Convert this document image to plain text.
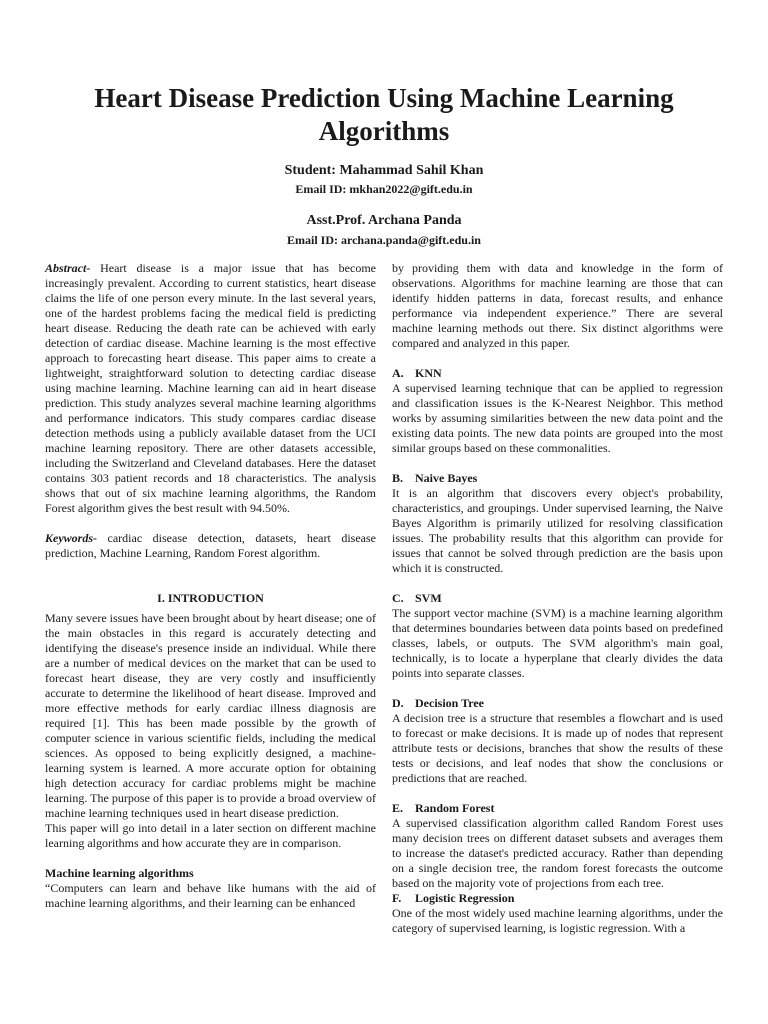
Heart Disease Prediction Using Machine Learning Algorithms

Student: Mahammad Sahil Khan

Email ID: mkhan2022@gift.edu.in

Asst.Prof. Archana Panda

Email ID: archana.panda@gift.edu.in

Abstract- Heart disease is a major issue that has become increasingly prevalent. According to current statistics, heart disease claims the life of one person every minute. In the last several years, one of the hardest problems facing the medical field is predicting heart disease. Reducing the death rate can be achieved with early detection of cardiac disease. Machine learning is the most effective approach to forecasting heart disease. This paper aims to create a lightweight, straightforward solution to detecting cardiac disease using machine learning. Machine learning can aid in heart disease prediction. This study analyzes several machine learning algorithms and performance indicators. This study compares cardiac disease detection methods using a publicly available dataset from the UCI machine learning repository. There are other datasets accessible, including the Switzerland and Cleveland databases. Here the dataset contains 303 patient records and 18 characteristics. The analysis shows that out of six machine learning algorithms, the Random Forest algorithm gives the best result with 94.50%.

Keywords- cardiac disease detection, datasets, heart disease prediction, Machine Learning, Random Forest algorithm.

I. INTRODUCTION

Many severe issues have been brought about by heart disease; one of the main obstacles in this regard is accurately detecting and identifying the disease's presence inside an individual. While there are a number of medical devices on the market that can be used to forecast heart disease, they are very costly and insufficiently accurate to determine the likelihood of heart disease. Improved and more effective methods for early cardiac illness diagnosis are required [1]. This has been made possible by the growth of computer science in various scientific fields, including the medical sciences. As opposed to being explicitly designed, a machine-learning system is learned. A more accurate option for obtaining high detection accuracy for cardiac problems might be machine learning. The purpose of this paper is to provide a broad overview of machine learning techniques used in heart disease prediction.

This paper will go into detail in a later section on different machine learning algorithms and how accurate they are in comparison.

Machine learning algorithms

“Computers can learn and behave like humans with the aid of machine learning algorithms, and their learning can be enhanced

by providing them with data and knowledge in the form of observations. Algorithms for machine learning are those that can identify hidden patterns in data, forecast results, and enhance performance via independent experience.” There are several machine learning methods out there. Six distinct algorithms were compared and analyzed in this paper.

A. KNN

A supervised learning technique that can be applied to regression and classification issues is the K-Nearest Neighbor. This method works by assuming similarities between the new data point and the existing data points. The new data points are grouped into the most similar groups based on these commonalities.

B. Naive Bayes

It is an algorithm that discovers every object's probability, characteristics, and groupings. Under supervised learning, the Naive Bayes Algorithm is primarily utilized for resolving classification issues. The probability results that this algorithm can provide for issues that cannot be solved through prediction are the basis upon which it is constructed.

C. SVM

The support vector machine (SVM) is a machine learning algorithm that determines boundaries between data points based on predefined classes, labels, or outputs. The SVM algorithm's main goal, technically, is to locate a hyperplane that clearly divides the data points into separate classes.

D. Decision Tree

A decision tree is a structure that resembles a flowchart and is used to forecast or make decisions. It is made up of nodes that represent attribute tests or decisions, branches that show the results of these tests or decisions, and leaf nodes that show the conclusions or predictions that are reached.

E. Random Forest

A supervised classification algorithm called Random Forest uses many decision trees on different dataset subsets and averages them to increase the dataset's predicted accuracy. Rather than depending on a single decision tree, the random forest forecasts the outcome based on the majority vote of projections from each tree.

F. Logistic Regression

One of the most widely used machine learning algorithms, under the category of supervised learning, is logistic regression. With a
